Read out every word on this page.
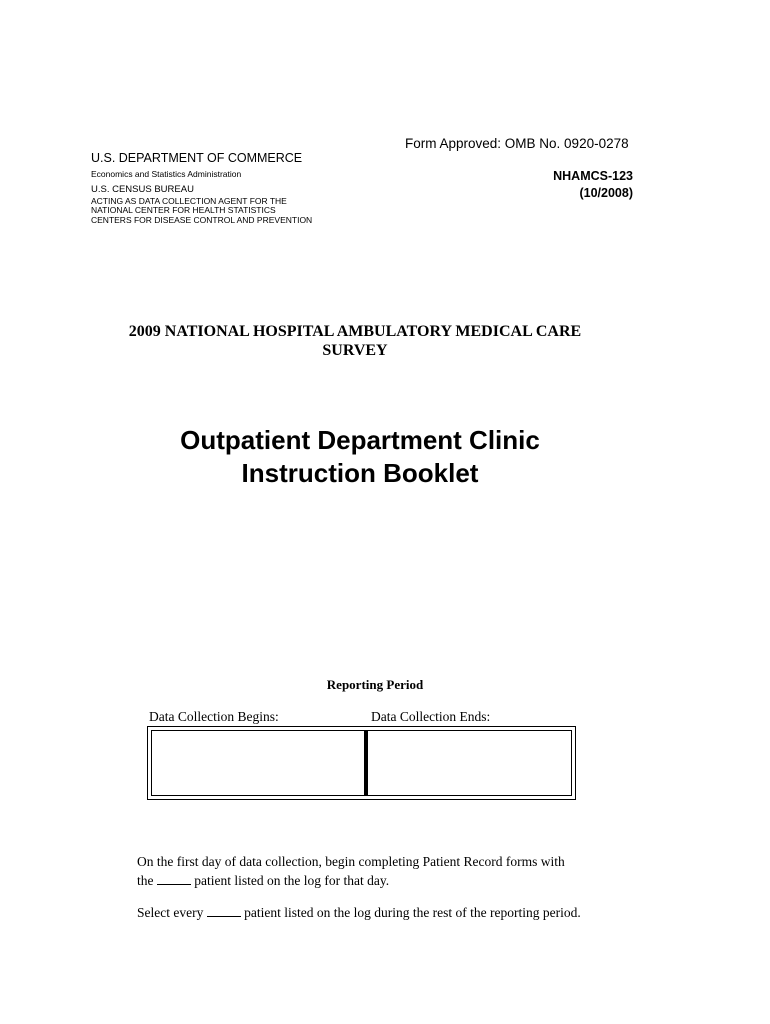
Form Approved: OMB No. 0920-0278
U.S. DEPARTMENT OF COMMERCE
Economics and Statistics Administration
U.S. CENSUS BUREAU
ACTING AS DATA COLLECTION AGENT FOR THE
NATIONAL CENTER FOR HEALTH STATISTICS
CENTERS FOR DISEASE CONTROL AND PREVENTION
NHAMCS-123
(10/2008)
2009 NATIONAL HOSPITAL AMBULATORY MEDICAL CARE
SURVEY
Outpatient Department Clinic
Instruction Booklet
Reporting Period
Data Collection Begins:	Data Collection Ends:
On the first day of data collection, begin completing Patient Record forms with
the	patient listed on the log for that day.
Select every	patient listed on the log during the rest of the reporting period.
